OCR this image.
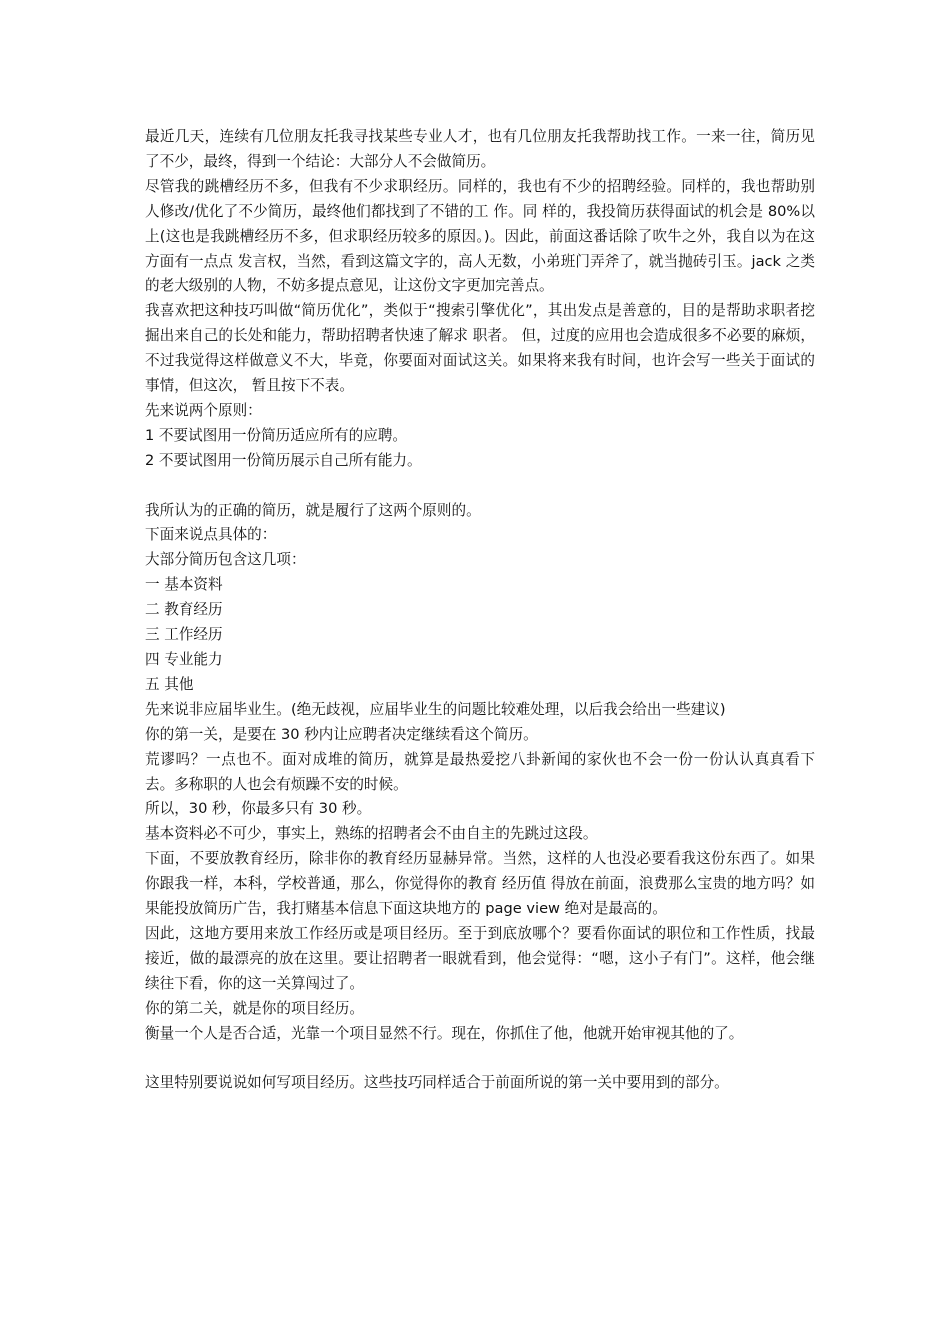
最近几天，连续有几位朋友托我寻找某些专业人才，也有几位朋友托我帮助找工作。一来一往，简历见了不少，最终，得到一个结论：大部分人不会做简历。

尽管我的跳槽经历不多，但我有不少求职经历。同样的，我也有不少的招聘经验。同样的，我也帮助别人修改/优化了不少简历，最终他们都找到了不错的工 作。同 样的，我投简历获得面试的机会是 80%以上(这也是我跳槽经历不多，但求职经历较多的原因。)。因此，前面这番话除了吹牛之外，我自以为在这方面有一点点 发言权，当然，看到这篇文字的，高人无数，小弟班门弄斧了，就当抛砖引玉。jack 之类的老大级别的人物，不妨多提点意见，让这份文字更加完善点。

我喜欢把这种技巧叫做“简历优化”，类似于“搜索引擎优化”，其出发点是善意的，目的是帮助求职者挖掘出来自己的长处和能力，帮助招聘者快速了解求 职者。 但，过度的应用也会造成很多不必要的麻烦，不过我觉得这样做意义不大，毕竟，你要面对面试这关。如果将来我有时间，也许会写一些关于面试的事情，但这次， 暂且按下不表。

先来说两个原则：

1 不要试图用一份简历适应所有的应聘。

2 不要试图用一份简历展示自己所有能力。

我所认为的正确的简历，就是履行了这两个原则的。

下面来说点具体的：

大部分简历包含这几项：

一 基本资料

二 教育经历

三 工作经历

四 专业能力

五 其他

先来说非应届毕业生。(绝无歧视，应届毕业生的问题比较难处理，以后我会给出一些建议)

你的第一关，是要在 30 秒内让应聘者决定继续看这个简历。

荒谬吗？一点也不。面对成堆的简历，就算是最热爱挖八卦新闻的家伙也不会一份一份认认真真看下去。多称职的人也会有烦躁不安的时候。

所以，30 秒，你最多只有 30 秒。

基本资料必不可少，事实上，熟练的招聘者会不由自主的先跳过这段。

下面，不要放教育经历，除非你的教育经历显赫异常。当然，这样的人也没必要看我这份东西了。如果你跟我一样，本科，学校普通，那么，你觉得你的教育 经历值 得放在前面，浪费那么宝贵的地方吗？如果能投放简历广告，我打赌基本信息下面这块地方的 page view 绝对是最高的。

因此，这地方要用来放工作经历或是项目经历。至于到底放哪个？要看你面试的职位和工作性质，找最接近，做的最漂亮的放在这里。要让招聘者一眼就看到，他会觉得：“嗯，这小子有门”。这样，他会继续往下看，你的这一关算闯过了。

你的第二关，就是你的项目经历。

衡量一个人是否合适，光靠一个项目显然不行。现在，你抓住了他，他就开始审视其他的了。

这里特别要说说如何写项目经历。这些技巧同样适合于前面所说的第一关中要用到的部分。
